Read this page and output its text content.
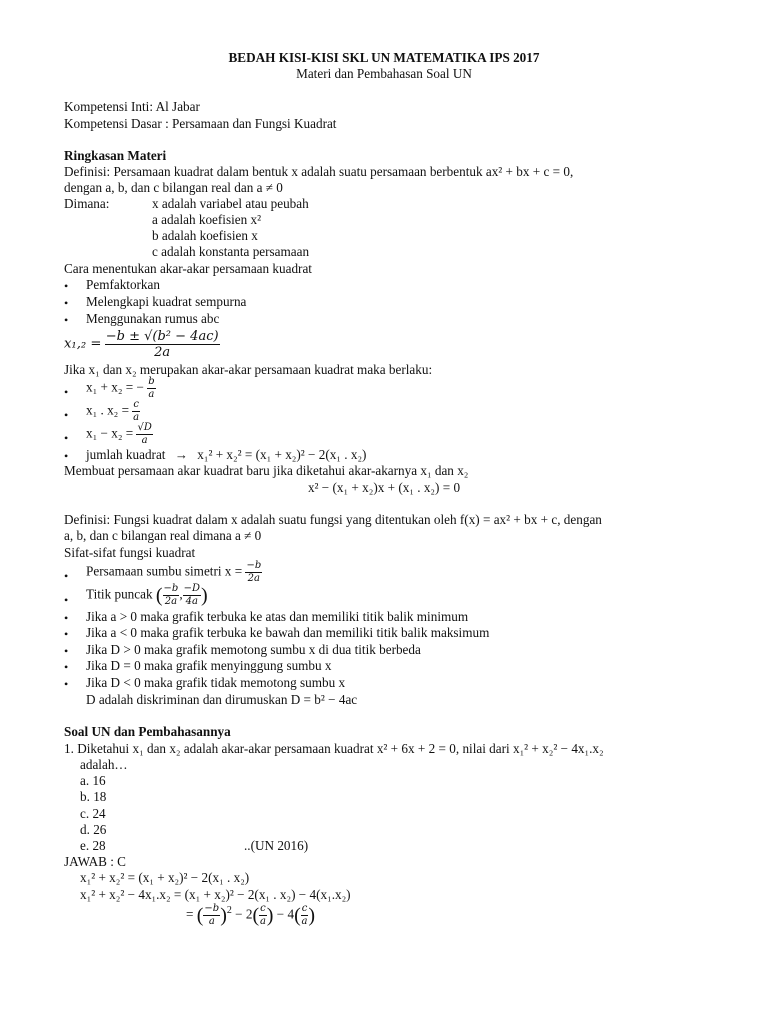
BEDAH KISI-KISI SKL UN MATEMATIKA IPS 2017
Materi dan Pembahasan Soal UN
Kompetensi Inti: Al Jabar
Kompetensi Dasar : Persamaan dan Fungsi Kuadrat
Ringkasan Materi
Definisi: Persamaan kuadrat dalam bentuk x adalah suatu persamaan berbentuk ax² + bx + c = 0,
dengan a, b, dan c bilangan real dan a ≠ 0
Dimana:	x adalah variabel atau peubah
a adalah koefisien x²
b adalah koefisien x
c adalah konstanta persamaan
Cara menentukan akar-akar persamaan kuadrat
• Pemfaktorkan
• Melengkapi kuadrat sempurna
• Menggunakan rumus abc
$x_1,_2 = \frac{\text{−b ± √(b² − 4ac)}}{2a}$
Jika x₁ dan x₂ merupakan akar-akar persamaan kuadrat maka berlaku:
• x₁ + x₂ = − $\frac{b}{a}$
• x₁ . $x_2 = \frac{c}{a}$
• $x_1 - x_2 = \frac{√D}{a}$
• jumlah kuadrat → x₁² + x₂² = (x₁ + x₂)² − 2(x₁ . x₂)
Membuat persamaan akar kuadrat baru jika diketahui akar-akarnya x₁ dan x₂
x² − (x₁ + x₂)x + (x₁ . x₂) = 0
Definisi: Fungsi kuadrat dalam x adalah suatu fungsi yang ditentukan oleh f(x) = ax² + bx + c, dengan
a, b, dan c bilangan real dimana a ≠ 0
Sifat-sifat fungsi kuadrat
• Persamaan sumbu simetri $x = \frac{-b}{2a}$
• Titik puncak ( $\frac{-b}{2a}$ , $\frac{-D}{4a}$ )
• Jika a > 0 maka grafik terbuka ke atas dan memiliki titik balik minimum
• Jika a < 0 maka grafik terbuka ke bawah dan memiliki titik balik maksimum
• Jika D > 0 maka grafik memotong sumbu x di dua titik berbeda
• Jika D = 0 maka grafik menyinggung sumbu x
• Jika D < 0 maka grafik tidak memotong sumbu x
D adalah diskriminan dan dirumuskan D = b² − 4ac
Soal UN dan Pembahasannya
1. Diketahui x₁ dan x₂ adalah akar-akar persamaan kuadrat x² + 6x + 2 = 0, nilai dari x₁² + x₂² − 4x₁.x₂
adalah…
a. 16
b. 18
c. 24
d. 26
e. 28	..(UN 2016)
JAWAB : C
x₁² + x₂² = (x₁ + x₂)² − 2(x₁ . x₂)
x₁² + x₂² − 4x₁.x₂ = (x₁ + x₂)² − 2(x₁ . x₂) − 4(x₁.x₂)
= ( $\frac{-b}{a} )^2 - 2( \frac{c}{a}$ ) − $4( \frac{c}{a}$ )
